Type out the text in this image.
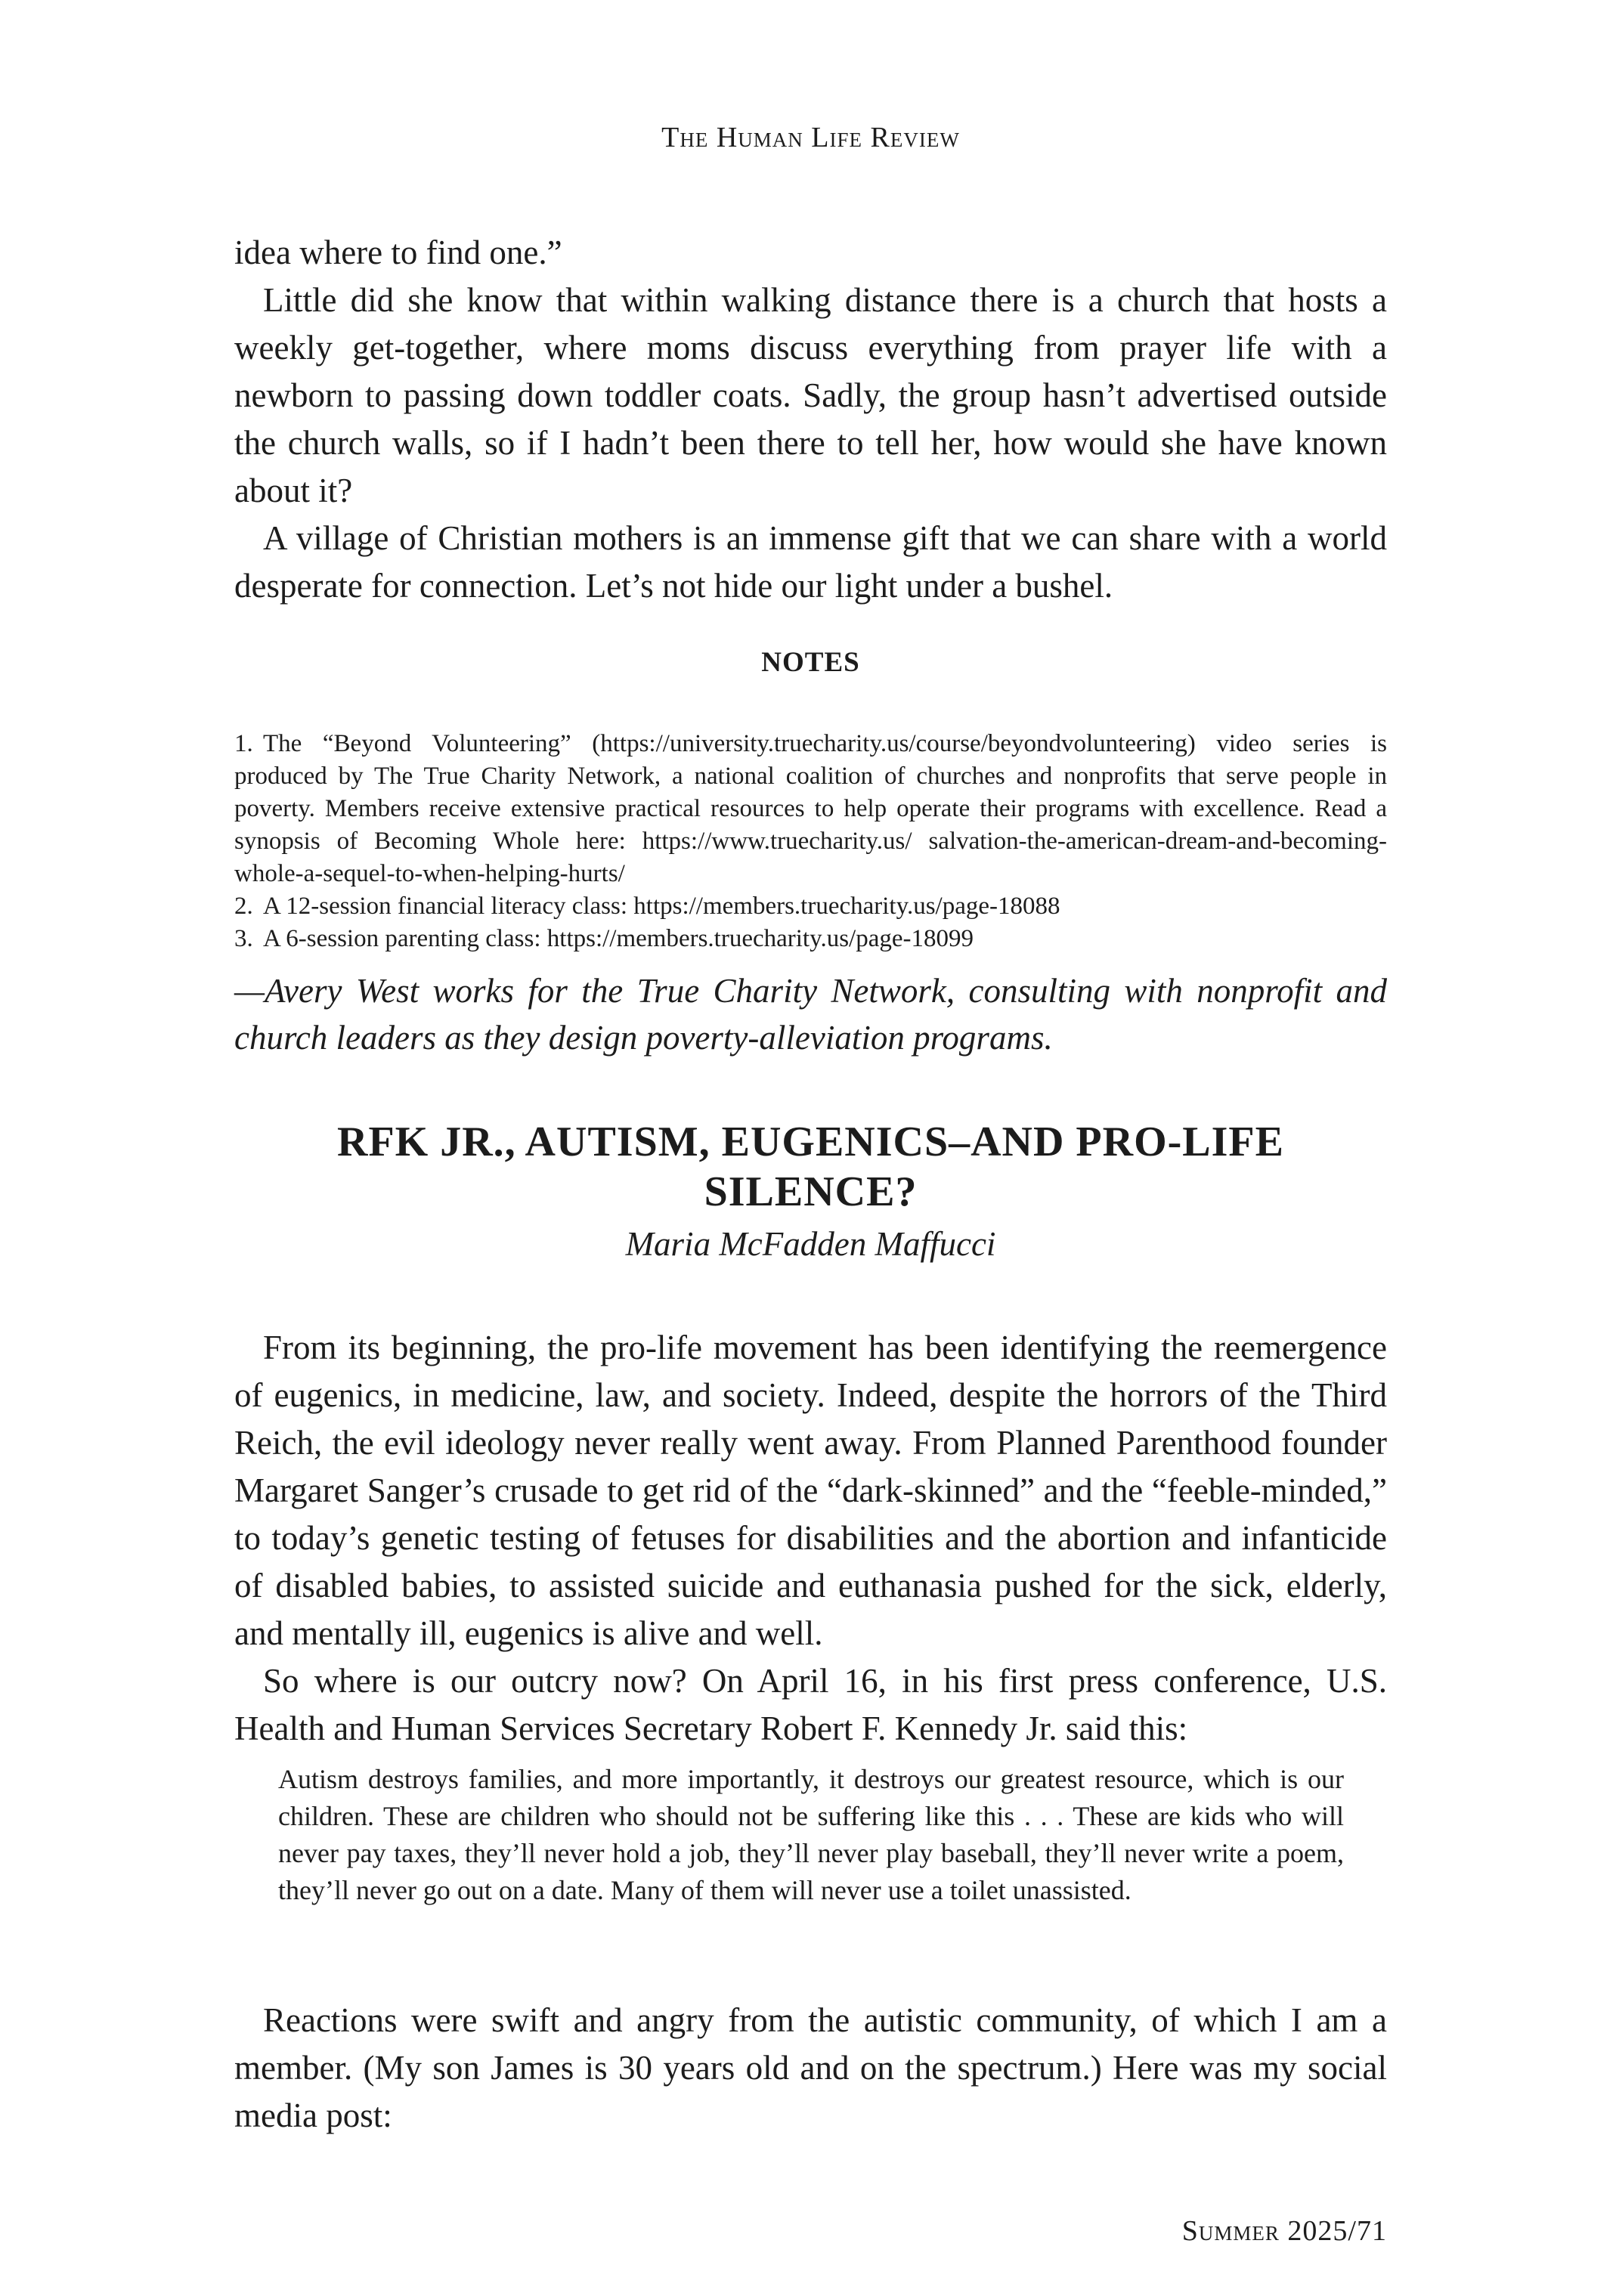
The Human Life Review

idea where to find one.”

Little did she know that within walking distance there is a church that hosts a weekly get-together, where moms discuss everything from prayer life with a newborn to passing down toddler coats. Sadly, the group hasn’t advertised outside the church walls, so if I hadn’t been there to tell her, how would she have known about it?

A village of Christian mothers is an immense gift that we can share with a world desperate for connection. Let’s not hide our light under a bushel.

NOTES

1. The “Beyond Volunteering” (https://university.truecharity.us/course/beyondvolunteering) video series is produced by The True Charity Network, a national coalition of churches and nonprofits that serve people in poverty. Members receive extensive practical resources to help operate their programs with excellence. Read a synopsis of Becoming Whole here: https://www.truecharity.us/ salvation-the-american-dream-and-becoming-whole-a-sequel-to-when-helping-hurts/

2. A 12-session financial literacy class: https://members.truecharity.us/page-18088

3. A 6-session parenting class: https://members.truecharity.us/page-18099

—Avery West works for the True Charity Network, consulting with nonprofit and church leaders as they design poverty-alleviation programs.
RFK JR., AUTISM, EUGENICS–AND PRO-LIFE
SILENCE?
Maria McFadden Maffucci

From its beginning, the pro-life movement has been identifying the reemergence of eugenics, in medicine, law, and society. Indeed, despite the horrors of the Third Reich, the evil ideology never really went away. From Planned Parenthood founder Margaret Sanger’s crusade to get rid of the “dark-skinned” and the “feeble-minded,” to today’s genetic testing of fetuses for disabilities and the abortion and infanticide of disabled babies, to assisted suicide and euthanasia pushed for the sick, elderly, and mentally ill, eugenics is alive and well.

So where is our outcry now? On April 16, in his first press conference, U.S. Health and Human Services Secretary Robert F. Kennedy Jr. said this:

Autism destroys families, and more importantly, it destroys our greatest resource, which is our children. These are children who should not be suffering like this . . . These are kids who will never pay taxes, they’ll never hold a job, they’ll never play baseball, they’ll never write a poem, they’ll never go out on a date. Many of them will never use a toilet unassisted.

Reactions were swift and angry from the autistic community, of which I am a member. (My son James is 30 years old and on the spectrum.) Here was my social media post:

Summer 2025/71
